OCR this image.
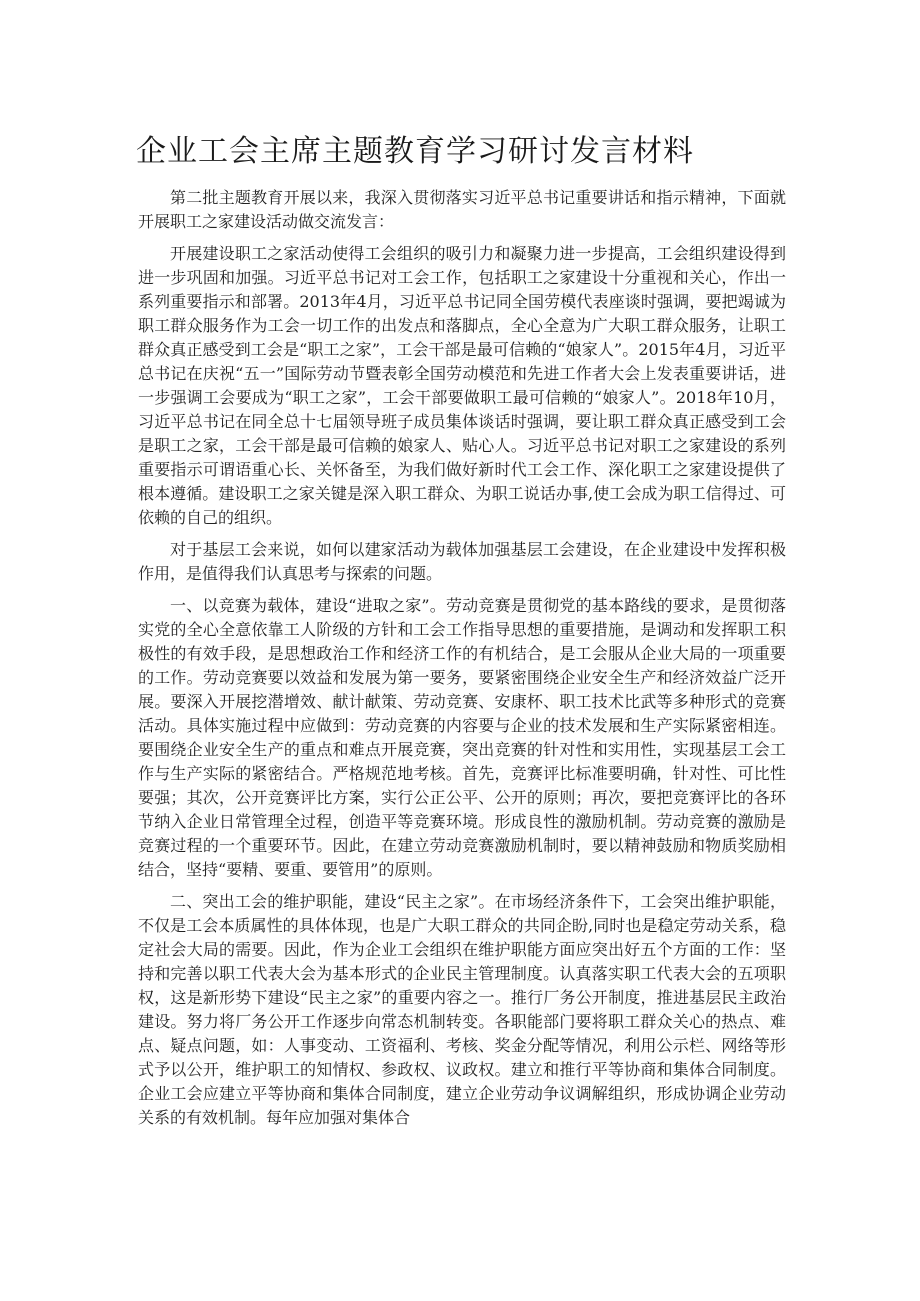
企业工会主席主题教育学习研讨发言材料

第二批主题教育开展以来，我深入贯彻落实习近平总书记重要讲话和指示精神，下面就开展职工之家建设活动做交流发言：

开展建设职工之家活动使得工会组织的吸引力和凝聚力进一步提高，工会组织建设得到进一步巩固和加强。习近平总书记对工会工作，包括职工之家建设十分重视和关心，作出一系列重要指示和部署。2013年4月，习近平总书记同全国劳模代表座谈时强调，要把竭诚为职工群众服务作为工会一切工作的出发点和落脚点，全心全意为广大职工群众服务，让职工群众真正感受到工会是“职工之家”，工会干部是最可信赖的“娘家人”。2015年4月，习近平总书记在庆祝“五一”国际劳动节暨表彰全国劳动模范和先进工作者大会上发表重要讲话，进一步强调工会要成为“职工之家”，工会干部要做职工最可信赖的“娘家人”。2018年10月，习近平总书记在同全总十七届领导班子成员集体谈话时强调，要让职工群众真正感受到工会是职工之家，工会干部是最可信赖的娘家人、贴心人。习近平总书记对职工之家建设的系列重要指示可谓语重心长、关怀备至，为我们做好新时代工会工作、深化职工之家建设提供了根本遵循。建设职工之家关键是深入职工群众、为职工说话办事,使工会成为职工信得过、可依赖的自己的组织。

对于基层工会来说，如何以建家活动为载体加强基层工会建设，在企业建设中发挥积极作用，是值得我们认真思考与探索的问题。

一、以竞赛为载体，建设“进取之家”。劳动竞赛是贯彻党的基本路线的要求，是贯彻落实党的全心全意依靠工人阶级的方针和工会工作指导思想的重要措施，是调动和发挥职工积极性的有效手段，是思想政治工作和经济工作的有机结合，是工会服从企业大局的一项重要的工作。劳动竞赛要以效益和发展为第一要务，要紧密围绕企业安全生产和经济效益广泛开展。要深入开展挖潜增效、献计献策、劳动竞赛、安康杯、职工技术比武等多种形式的竞赛活动。具体实施过程中应做到：劳动竞赛的内容要与企业的技术发展和生产实际紧密相连。要围绕企业安全生产的重点和难点开展竞赛，突出竞赛的针对性和实用性，实现基层工会工作与生产实际的紧密结合。严格规范地考核。首先，竞赛评比标准要明确，针对性、可比性要强；其次，公开竞赛评比方案，实行公正公平、公开的原则；再次，要把竞赛评比的各环节纳入企业日常管理全过程，创造平等竞赛环境。形成良性的激励机制。劳动竞赛的激励是竞赛过程的一个重要环节。因此，在建立劳动竞赛激励机制时，要以精神鼓励和物质奖励相结合，坚持“要精、要重、要管用”的原则。

二、突出工会的维护职能，建设“民主之家”。在市场经济条件下，工会突出维护职能，不仅是工会本质属性的具体体现，也是广大职工群众的共同企盼,同时也是稳定劳动关系，稳定社会大局的需要。因此，作为企业工会组织在维护职能方面应突出好五个方面的工作：坚持和完善以职工代表大会为基本形式的企业民主管理制度。认真落实职工代表大会的五项职权，这是新形势下建设“民主之家”的重要内容之一。推行厂务公开制度，推进基层民主政治建设。努力将厂务公开工作逐步向常态机制转变。各职能部门要将职工群众关心的热点、难点、疑点问题，如：人事变动、工资福利、考核、奖金分配等情况，利用公示栏、网络等形式予以公开，维护职工的知情权、参政权、议政权。建立和推行平等协商和集体合同制度。企业工会应建立平等协商和集体合同制度，建立企业劳动争议调解组织，形成协调企业劳动关系的有效机制。每年应加强对集体合
